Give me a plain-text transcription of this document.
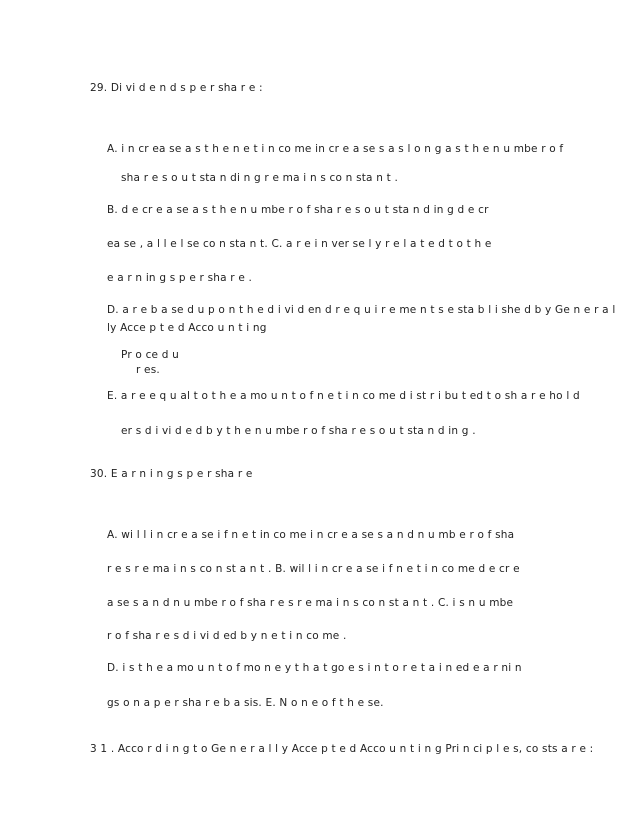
29. Di vi d e n d s p e r sha r e :
A. i n cr ea se a s t h e n e t i n co me in cr e a se s a s l o n g a s t h e n u mbe r o f
sha r e s o u t sta n di n g r e ma i n s co n sta n t .
B. d e cr e a se a s t h e n u mbe r o f sha r e s o u t sta n d in g d e cr
ea se , a l l e l se co n sta n t. C. a r e i n ver se l y r e l a t e d t o t h e
e a r n in g s p e r sha r e .
D. a r e b a se d u p o n t h e d i vi d en d r e q u i r e me n t s e sta b l i she d b y Ge n e r a l
ly Acce p t e d Acco u n t i ng
Pr o ce d u
r es.
E. a r e e q u al t o t h e a mo u n t o f n e t i n co me d i st r i bu t ed t o sh a r e ho l d
er s d i vi d e d b y t h e n u mbe r o f sha r e s o u t sta n d in g .
30. E a r n i n g s p e r sha r e
A. wi l l i n cr e a se i f n e t in co me i n cr e a se s a n d n u mb e r o f sha
r e s r e ma i n s co n st a n t . B. wil l i n cr e a se i f n e t i n co me d e cr e
a se s a n d n u mbe r o f sha r e s r e ma i n s co n st a n t . C. i s n u mbe
r o f sha r e s d i vi d ed b y n e t i n co me .
D. i s t h e a mo u n t o f mo n e y t h a t go e s i n t o r e t a i n ed e a r ni n
gs o n a p e r sha r e b a sis. E. N o n e o f t h e se.
3 1 . Acco r d i n g t o Ge n e r a l l y Acce p t e d Acco u n t i n g Pri n ci p l e s, co sts a r e :
